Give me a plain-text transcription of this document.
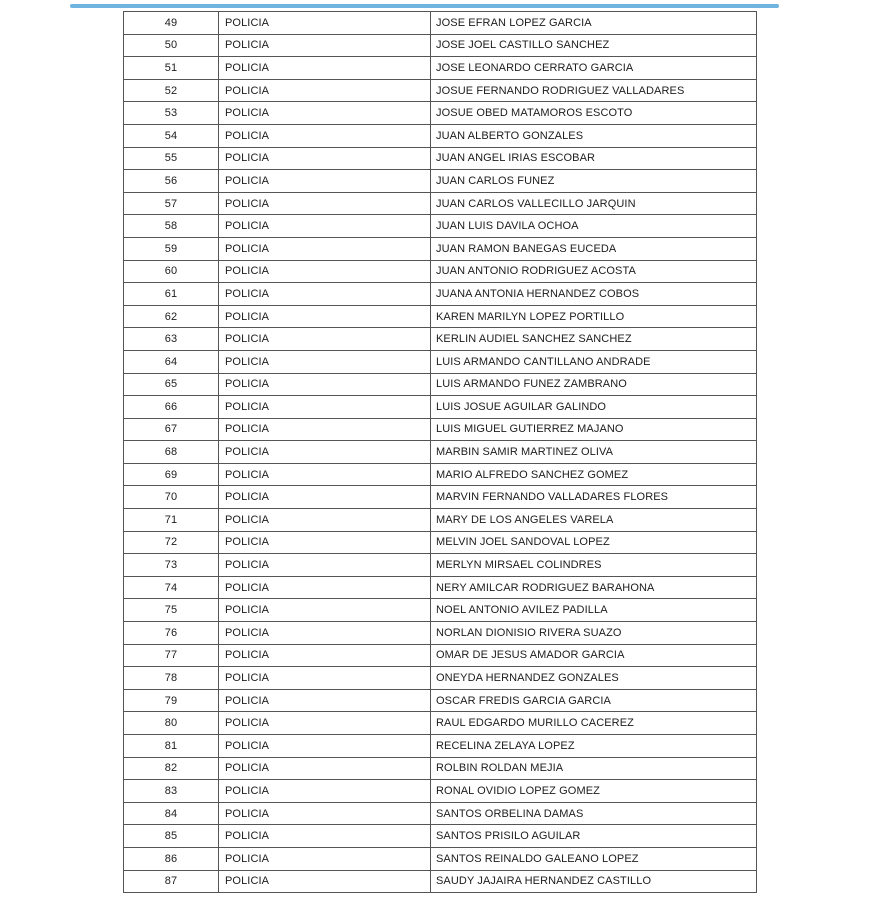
49	POLICIA	JOSE EFRAN LOPEZ GARCIA
50	POLICIA	JOSE JOEL CASTILLO SANCHEZ
51	POLICIA	JOSE LEONARDO CERRATO GARCIA
52	POLICIA	JOSUE FERNANDO RODRIGUEZ VALLADARES
53	POLICIA	JOSUE OBED MATAMOROS ESCOTO
54	POLICIA	JUAN ALBERTO GONZALES
55	POLICIA	JUAN ANGEL IRIAS ESCOBAR
56	POLICIA	JUAN CARLOS FUNEZ
57	POLICIA	JUAN CARLOS VALLECILLO JARQUIN
58	POLICIA	JUAN LUIS DAVILA OCHOA
59	POLICIA	JUAN RAMON BANEGAS EUCEDA
60	POLICIA	JUAN ANTONIO RODRIGUEZ ACOSTA
61	POLICIA	JUANA ANTONIA HERNANDEZ COBOS
62	POLICIA	KAREN MARILYN LOPEZ PORTILLO
63	POLICIA	KERLIN AUDIEL SANCHEZ SANCHEZ
64	POLICIA	LUIS ARMANDO CANTILLANO ANDRADE
65	POLICIA	LUIS ARMANDO FUNEZ ZAMBRANO
66	POLICIA	LUIS JOSUE AGUILAR GALINDO
67	POLICIA	LUIS MIGUEL GUTIERREZ MAJANO
68	POLICIA	MARBIN SAMIR MARTINEZ OLIVA
69	POLICIA	MARIO ALFREDO SANCHEZ GOMEZ
70	POLICIA	MARVIN FERNANDO VALLADARES FLORES
71	POLICIA	MARY DE LOS ANGELES VARELA
72	POLICIA	MELVIN JOEL SANDOVAL LOPEZ
73	POLICIA	MERLYN MIRSAEL COLINDRES
74	POLICIA	NERY AMILCAR RODRIGUEZ BARAHONA
75	POLICIA	NOEL ANTONIO AVILEZ PADILLA
76	POLICIA	NORLAN DIONISIO RIVERA SUAZO
77	POLICIA	OMAR DE JESUS AMADOR GARCIA
78	POLICIA	ONEYDA HERNANDEZ GONZALES
79	POLICIA	OSCAR FREDIS GARCIA GARCIA
80	POLICIA	RAUL EDGARDO MURILLO CACEREZ
81	POLICIA	RECELINA ZELAYA LOPEZ
82	POLICIA	ROLBIN ROLDAN MEJIA
83	POLICIA	RONAL OVIDIO LOPEZ GOMEZ
84	POLICIA	SANTOS ORBELINA DAMAS
85	POLICIA	SANTOS PRISILO AGUILAR
86	POLICIA	SANTOS REINALDO GALEANO LOPEZ
87	POLICIA	SAUDY JAJAIRA HERNANDEZ CASTILLO
